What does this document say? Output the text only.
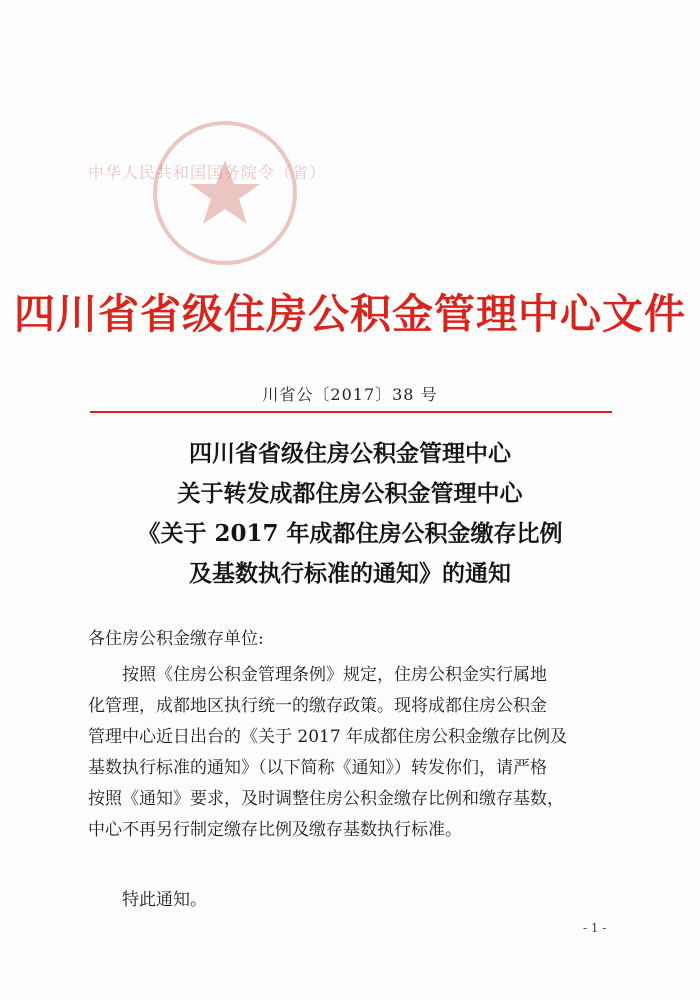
中华人民共和国国务院令（省）
四川省省级住房公积金管理中心文件
川省公〔2017〕38 号
四川省省级住房公积金管理中心
关于转发成都住房公积金管理中心
《关于 2017 年成都住房公积金缴存比例
及基数执行标准的通知》的通知
各住房公积金缴存单位:
按照《住房公积金管理条例》规定，住房公积金实行属地
化管理，成都地区执行统一的缴存政策。现将成都住房公积金
管理中心近日出台的《关于 2017 年成都住房公积金缴存比例及
基数执行标准的通知》（以下简称《通知》）转发你们，请严格
按照《通知》要求，及时调整住房公积金缴存比例和缴存基数，
中心不再另行制定缴存比例及缴存基数执行标准。
特此通知。
- 1 -
